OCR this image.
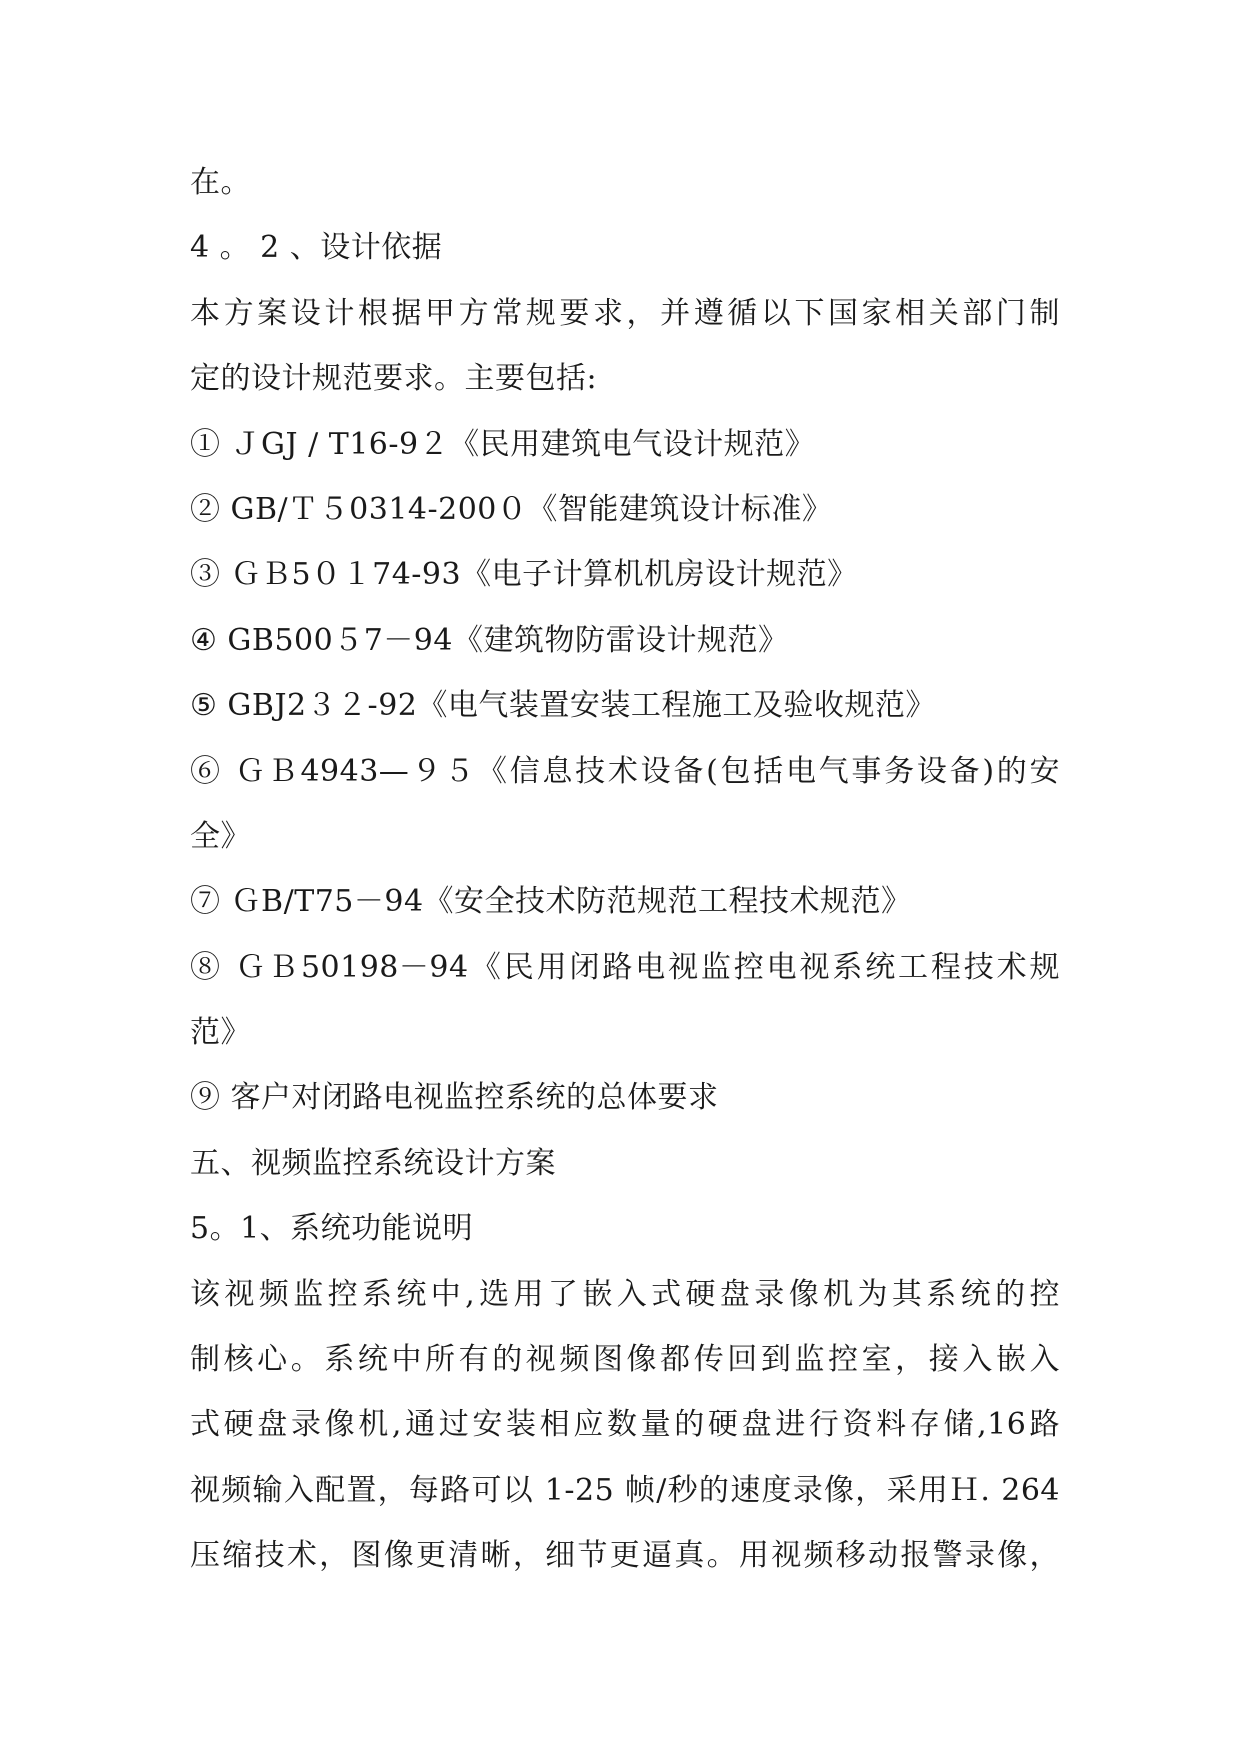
在。
4 。 2 、设计依据
本方案设计根据甲方常规要求，并遵循以下国家相关部门制
定的设计规范要求。主要包括:
① ＪGJ / T16-9２《民用建筑电气设计规范》
② GB/Ｔ５0314-200０《智能建筑设计标准》
③ ＧＢ5０１74-93《电子计算机机房设计规范》
④ GB500５7－94《建筑物防雷设计规范》
⑤ GBJ2３２-92《电气装置安装工程施工及验收规范》
⑥ ＧＢ4943—９５《信息技术设备(包括电气事务设备)的安
全》
⑦ ＧB/T75－94《安全技术防范规范工程技术规范》
⑧ ＧＢ50198－94《民用闭路电视监控电视系统工程技术规
范》
⑨ 客户对闭路电视监控系统的总体要求
五、视频监控系统设计方案
5。1、系统功能说明
该视频监控系统中,选用了嵌入式硬盘录像机为其系统的控
制核心。系统中所有的视频图像都传回到监控室，接入嵌入
式硬盘录像机,通过安装相应数量的硬盘进行资料存储,16路
视频输入配置，每路可以 1-25 帧/秒的速度录像，采用Ｈ. 264
压缩技术，图像更清晰，细节更逼真。用视频移动报警录像，
